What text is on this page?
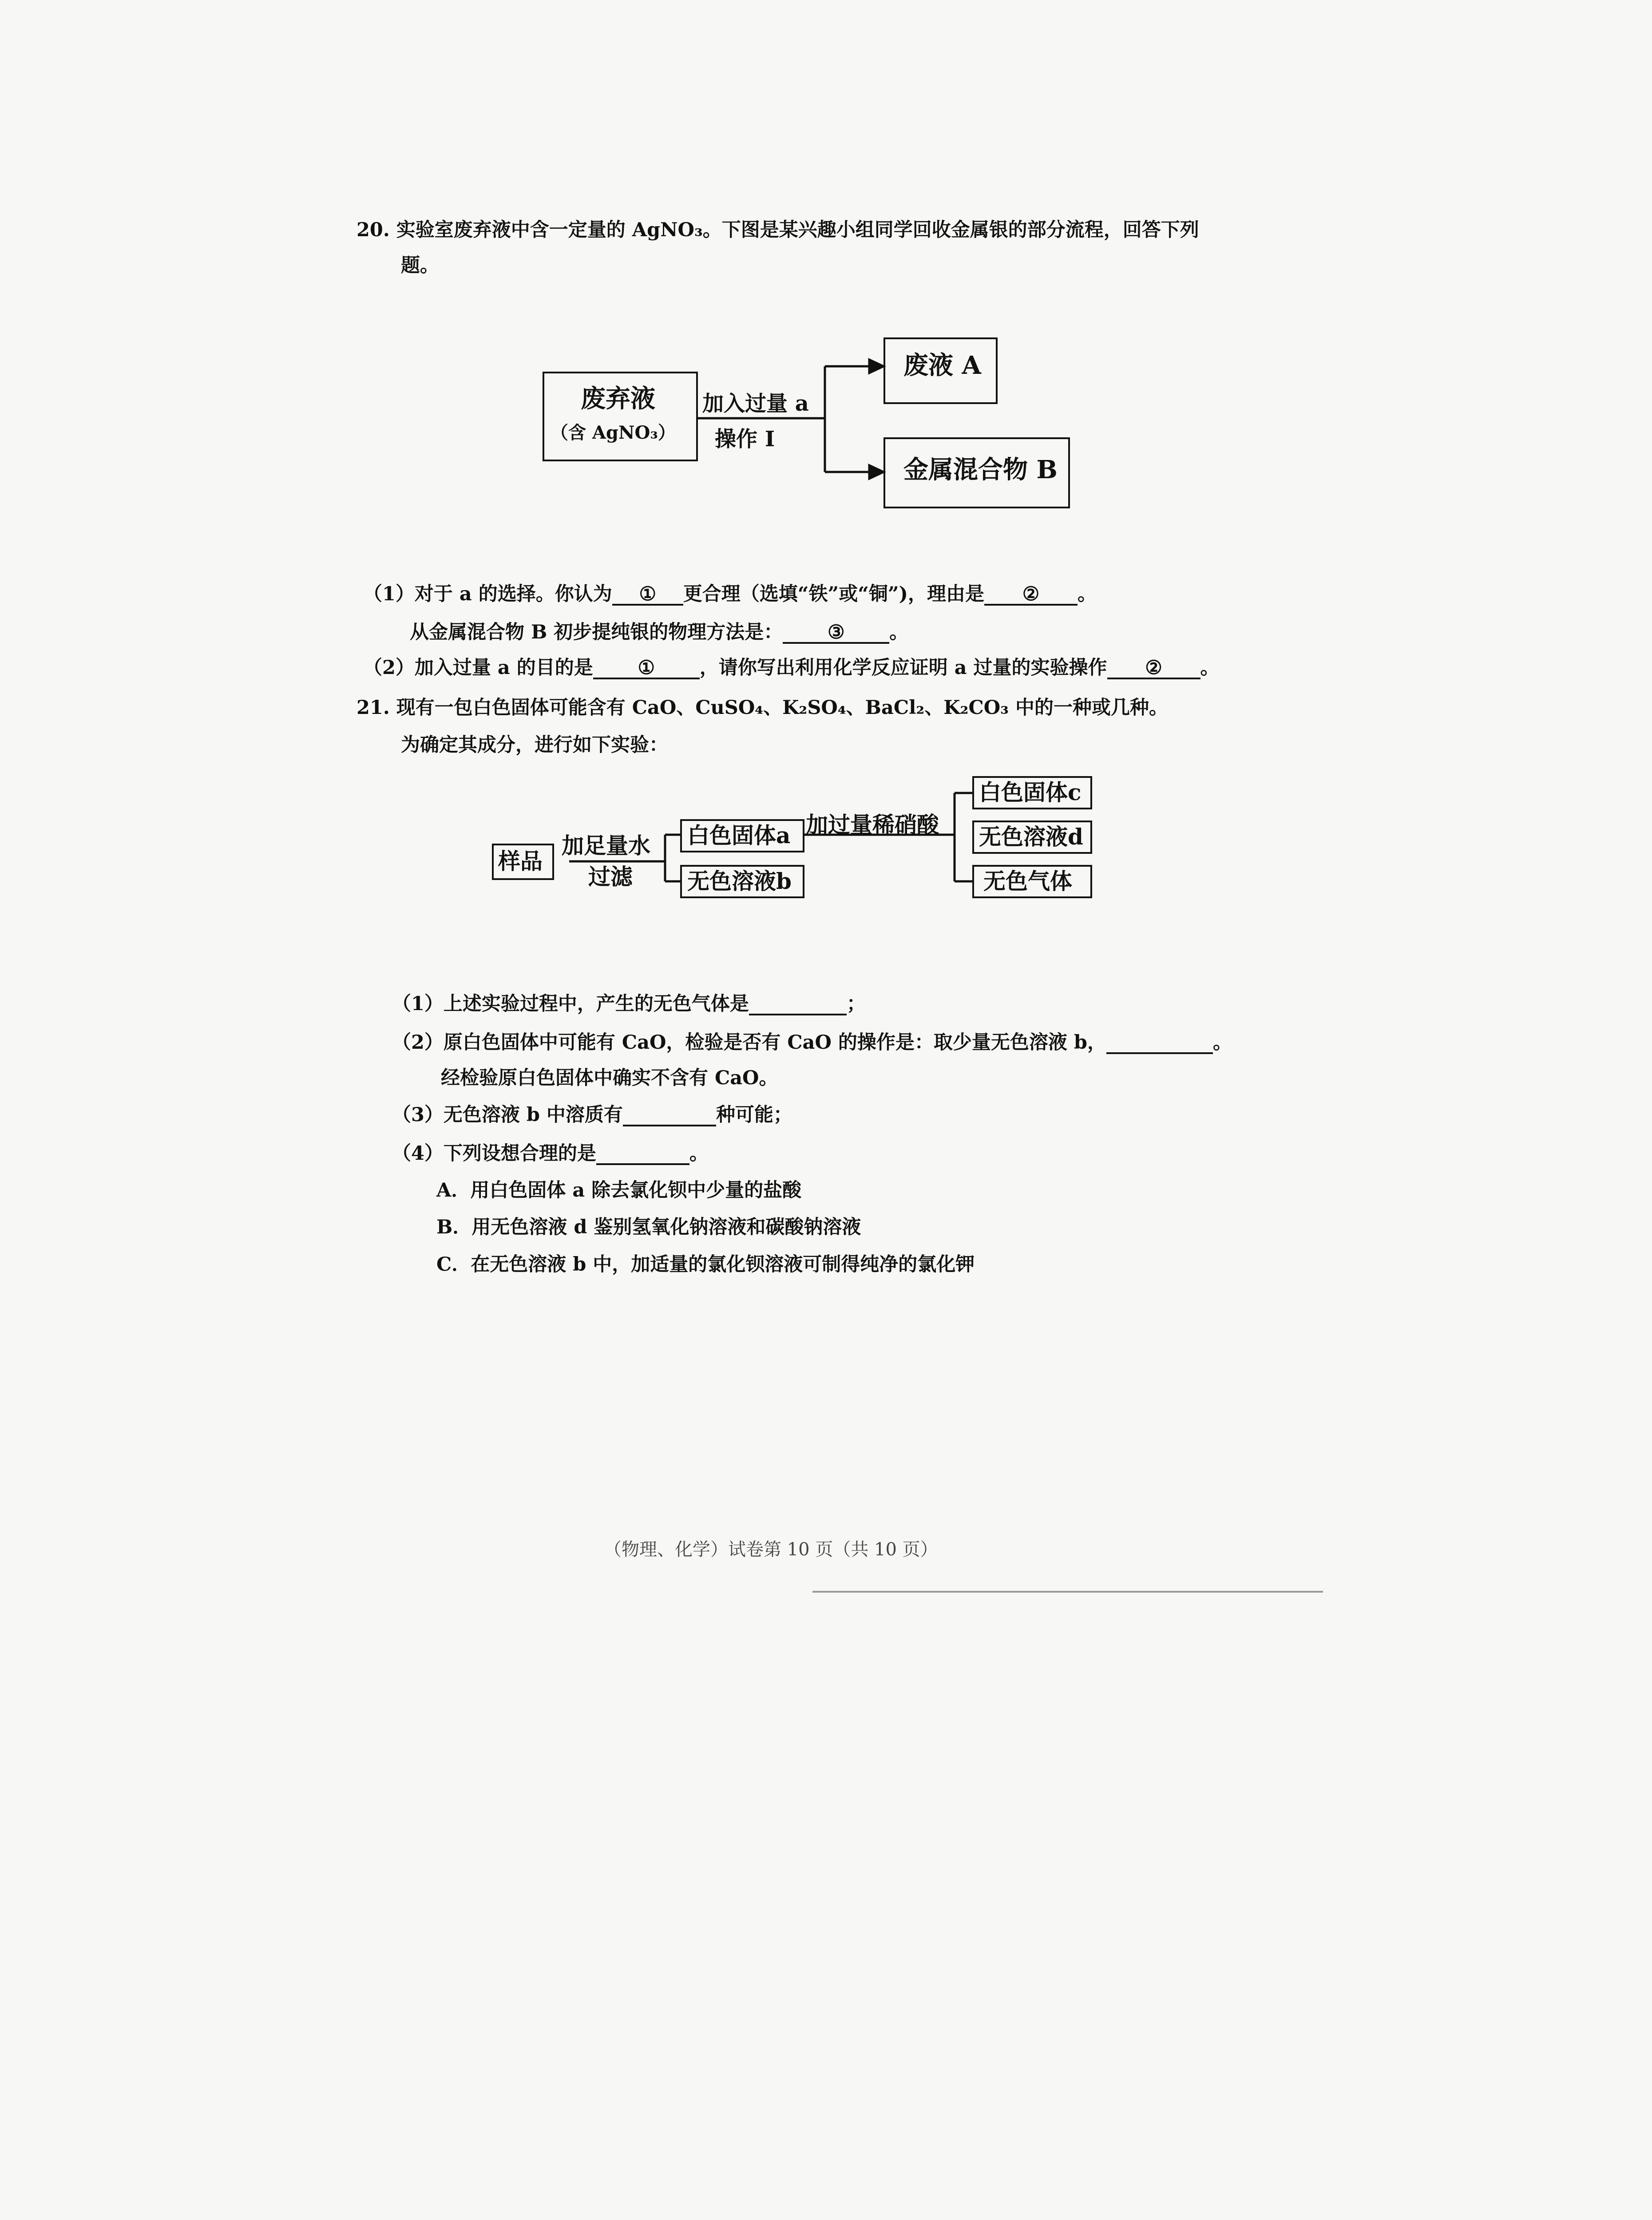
20. 实验室废弃液中含一定量的 AgNO₃。下图是某兴趣小组同学回收金属银的部分流程，回答下列
题。
废弃液
（含 AgNO₃）
加入过量 a
操作 I
废液 A
金属混合物 B
（1）对于 a 的选择。你认为 ① 更合理（选填“铁”或“铜”)，理由是 ② 。
从金属混合物 B 初步提纯银的物理方法是： ③ 。
（2）加入过量 a 的目的是 ① ，请你写出利用化学反应证明 a 过量的实验操作 ② 。
21. 现有一包白色固体可能含有 CaO、CuSO₄、K₂SO₄、BaCl₂、K₂CO₃ 中的一种或几种。
为确定其成分，进行如下实验：
样品
加足量水
过滤
白色固体a
无色溶液b
加过量稀硝酸
白色固体c
无色溶液d
无色气体
（1）上述实验过程中，产生的无色气体是	；
（2）原白色固体中可能有 CaO，检验是否有 CaO 的操作是：取少量无色溶液 b，	。
经检验原白色固体中确实不含有 CaO。
（3）无色溶液 b 中溶质有	种可能；
（4）下列设想合理的是	。
A．用白色固体 a 除去氯化钡中少量的盐酸
B．用无色溶液 d 鉴别氢氧化钠溶液和碳酸钠溶液
C．在无色溶液 b 中，加适量的氯化钡溶液可制得纯净的氯化钾
（物理、化学）试卷第 10 页（共 10 页）
